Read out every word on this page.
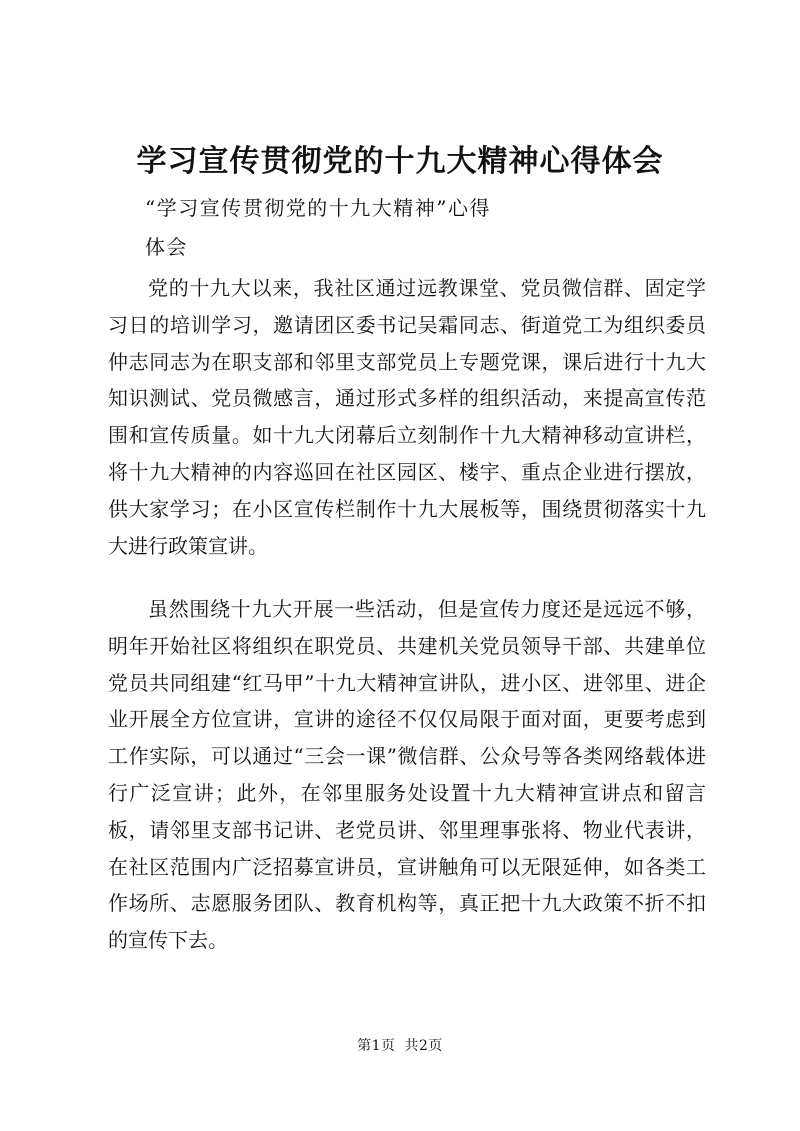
学习宣传贯彻党的十九大精神心得体会
“学习宣传贯彻党的十九大精神”心得
体会

党的十九大以来，我社区通过远教课堂、党员微信群、固定学习日的培训学习，邀请团区委书记吴霜同志、街道党工为组织委员仲志同志为在职支部和邻里支部党员上专题党课，课后进行十九大知识测试、党员微感言，通过形式多样的组织活动，来提高宣传范围和宣传质量。如十九大闭幕后立刻制作十九大精神移动宣讲栏，将十九大精神的内容巡回在社区园区、楼宇、重点企业进行摆放，供大家学习；在小区宣传栏制作十九大展板等，围绕贯彻落实十九大进行政策宣讲。

虽然围绕十九大开展一些活动，但是宣传力度还是远远不够，明年开始社区将组织在职党员、共建机关党员领导干部、共建单位党员共同组建“红马甲”十九大精神宣讲队，进小区、进邻里、进企业开展全方位宣讲，宣讲的途径不仅仅局限于面对面，更要考虑到工作实际，可以通过“三会一课”微信群、公众号等各类网络载体进行广泛宣讲；此外，在邻里服务处设置十九大精神宣讲点和留言板，请邻里支部书记讲、老党员讲、邻里理事张将、物业代表讲，在社区范围内广泛招募宣讲员，宣讲触角可以无限延伸，如各类工作场所、志愿服务团队、教育机构等，真正把十九大政策不折不扣的宣传下去。

第1页 共2页
